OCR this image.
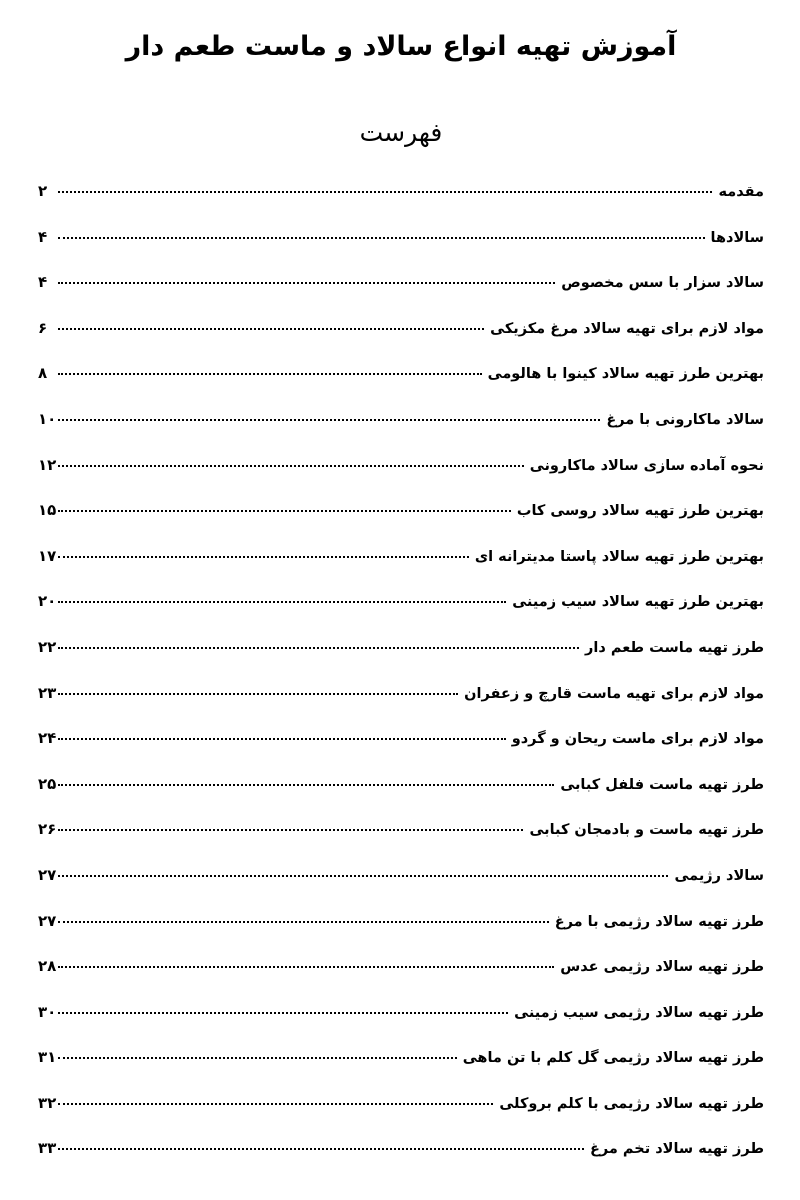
آموزش تهیه انواع سالاد و ماست طعم دار
فهرست
مقدمه
۲
سالادها
۴
سالاد سزار با سس مخصوص
۴
مواد لازم برای تهیه سالاد مرغ مکزیکی
۶
بهترین طرز تهیه سالاد کینوا با هالومی
۸
سالاد ماکارونی با مرغ
۱۰
نحوه آماده سازی سالاد ماکارونی
۱۲
بهترین طرز تهیه سالاد روسی کاب
۱۵
بهترین طرز تهیه سالاد پاستا مدیترانه ای
۱۷
بهترین طرز تهیه سالاد سیب زمینی
۲۰
طرز تهیه ماست طعم دار
۲۲
مواد لازم برای تهیه ماست قارچ و زعفران
۲۳
مواد لازم برای ماست ریحان و گردو
۲۴
طرز تهیه ماست فلفل کبابی
۲۵
طرز تهیه ماست و بادمجان کبابی
۲۶
سالاد رژیمی
۲۷
طرز تهیه سالاد رژیمی با مرغ
۲۷
طرز تهیه سالاد رژیمی عدس
۲۸
طرز تهیه سالاد رژیمی سیب زمینی
۳۰
طرز تهیه سالاد رژیمی گل کلم با تن ماهی
۳۱
طرز تهیه سالاد رژیمی با کلم بروکلی
۳۲
طرز تهیه سالاد تخم مرغ
۳۳
